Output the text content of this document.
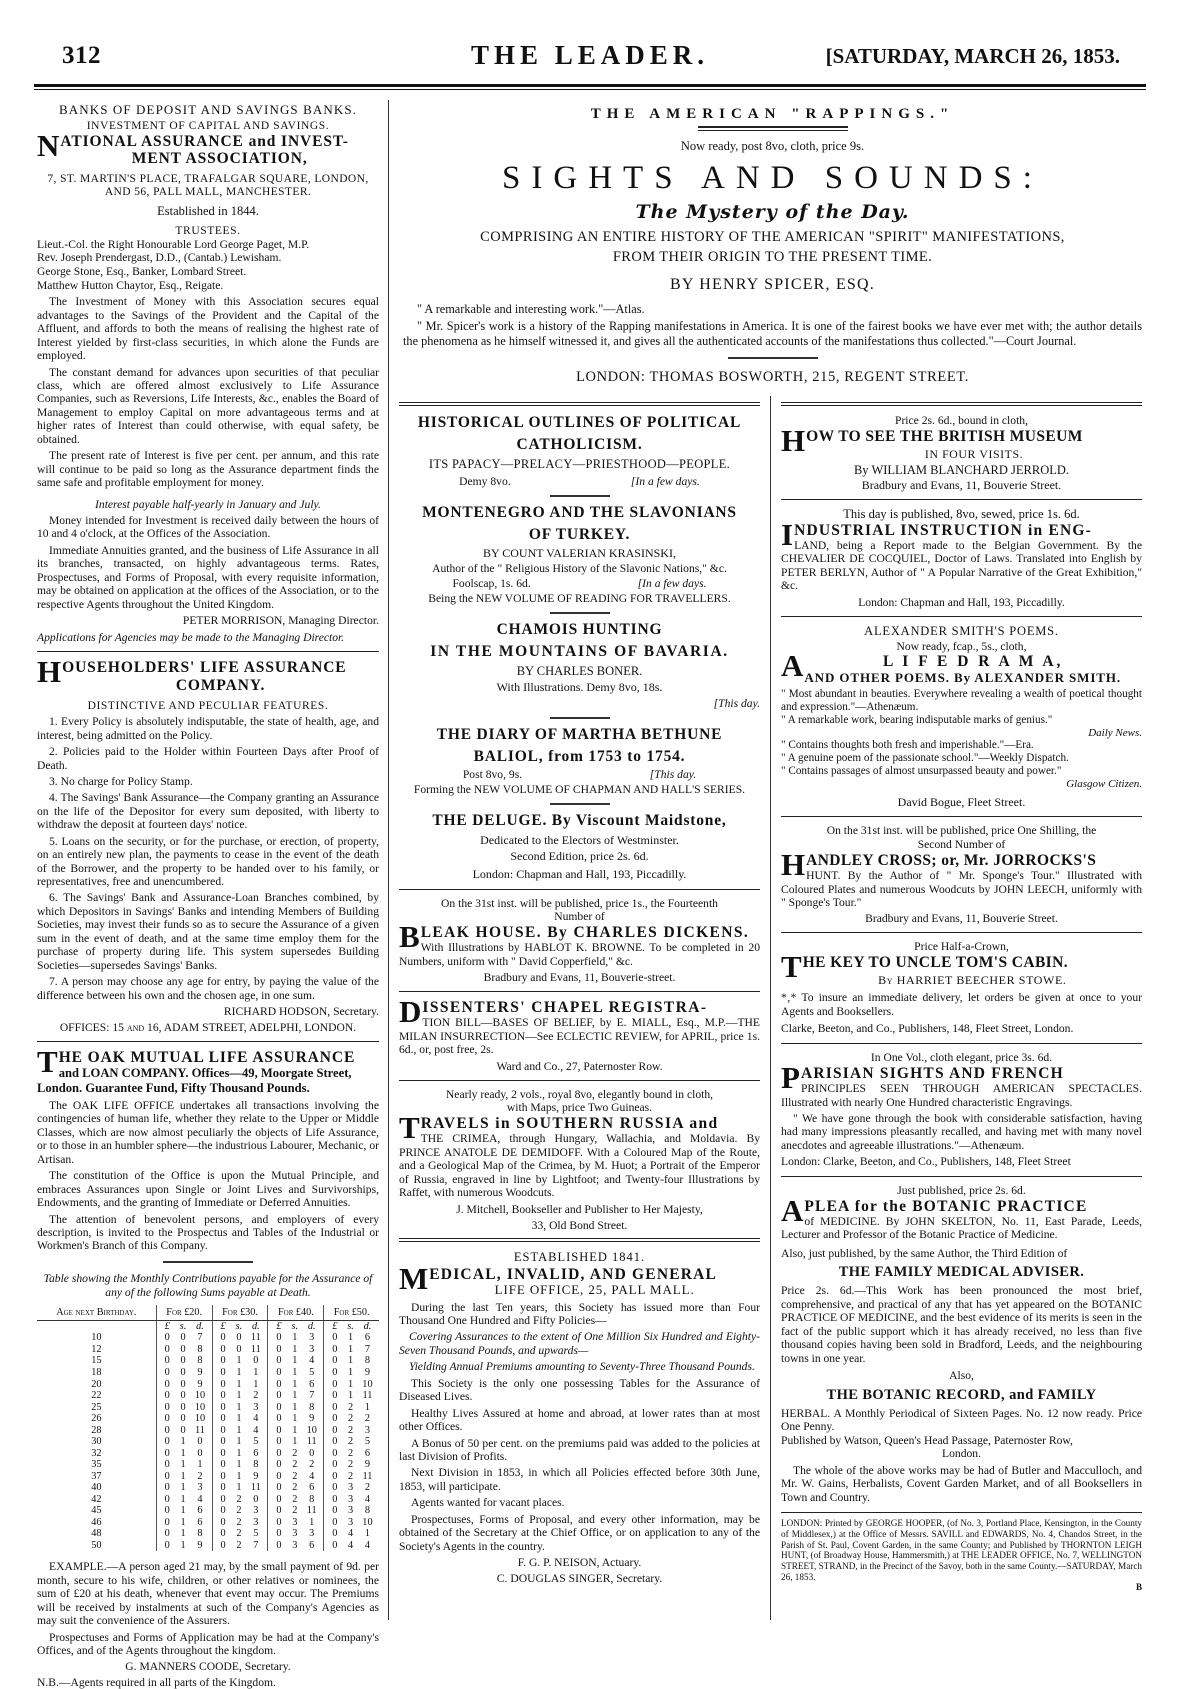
312	THE LEADER.	[SATURDAY, MARCH 26, 1853.
BANKS OF DEPOSIT AND SAVINGS BANKS.
INVESTMENT OF CAPITAL AND SAVINGS.
N ATIONAL ASSURANCE and INVEST-
MENT ASSOCIATION,
7, ST. MARTIN'S PLACE, TRAFALGAR SQUARE, LONDON,
AND 56, PALL MALL, MANCHESTER.
Established in 1844.
TRUSTEES.

Lieut.-Col. the Right Honourable Lord George Paget, M.P.

Rev. Joseph Prendergast, D.D., (Cantab.) Lewisham.

George Stone, Esq., Banker, Lombard Street.

Matthew Hutton Chaytor, Esq., Reigate.

The Investment of Money with this Association secures equal advantages to the Savings of the Provident and the Capital of the Affluent, and affords to both the means of realising the highest rate of Interest yielded by first-class securities, in which alone the Funds are employed.

The constant demand for advances upon securities of that peculiar class, which are offered almost exclusively to Life Assurance Companies, such as Reversions, Life Interests, &c., enables the Board of Management to employ Capital on more advantageous terms and at higher rates of Interest than could otherwise, with equal safety, be obtained.

The present rate of Interest is five per cent. per annum, and this rate will continue to be paid so long as the Assurance department finds the same safe and profitable employment for money.

Interest payable half-yearly in January and July.

Money intended for Investment is received daily between the hours of 10 and 4 o'clock, at the Offices of the Association.

Immediate Annuities granted, and the business of Life Assurance in all its branches, transacted, on highly advantageous terms. Rates, Prospectuses, and Forms of Proposal, with every requisite information, may be obtained on application at the offices of the Association, or to the respective Agents throughout the United Kingdom.

PETER MORRISON, Managing Director.

Applications for Agencies may be made to the Managing Director.

H OUSEHOLDERS' LIFE ASSURANCE
COMPANY.
DISTINCTIVE AND PECULIAR FEATURES.

1. Every Policy is absolutely indisputable, the state of health, age, and interest, being admitted on the Policy.

2. Policies paid to the Holder within Fourteen Days after Proof of Death.

3. No charge for Policy Stamp.

4. The Savings' Bank Assurance—the Company granting an Assurance on the life of the Depositor for every sum deposited, with liberty to withdraw the deposit at fourteen days' notice.

5. Loans on the security, or for the purchase, or erection, of property, on an entirely new plan, the payments to cease in the event of the death of the Borrower, and the property to be handed over to his family, or representatives, free and unencumbered.

6. The Savings' Bank and Assurance-Loan Branches combined, by which Depositors in Savings' Banks and intending Members of Building Societies, may invest their funds so as to secure the Assurance of a given sum in the event of death, and at the same time employ them for the purchase of property during life. This system supersedes Building Societies—supersedes Savings' Banks.

7. A person may choose any age for entry, by paying the value of the difference between his own and the chosen age, in one sum.

RICHARD HODSON, Secretary.
OFFICES: 15 and 16, ADAM STREET, ADELPHI, LONDON.
T HE OAK MUTUAL LIFE ASSURANCE
and LOAN COMPANY. Offices—49, Moorgate Street,
London. Guarantee Fund, Fifty Thousand Pounds.

The OAK LIFE OFFICE undertakes all transactions involving the contingencies of human life, whether they relate to the Upper or Middle Classes, which are now almost peculiarly the objects of Life Assurance, or to those in an humbler sphere—the industrious Labourer, Mechanic, or Artisan.

The constitution of the Office is upon the Mutual Principle, and embraces Assurances upon Single or Joint Lives and Survivorships, Endowments, and the granting of Immediate or Deferred Annuities.

The attention of benevolent persons, and employers of every description, is invited to the Prospectus and Tables of the Industrial or Workmen's Branch of this Company.

Table showing the Monthly Contributions payable for the Assurance of any of the following Sums payable at Death.
Age next Birthday.	For £20.	For £30.	For £40.	For £50.
	£ s. d.	£ s. d.	£ s. d.	£ s. d.
10	0 0 7	0 0 11	0 1 3	0 1 6
12	0 0 8	0 0 11	0 1 3	0 1 7
15	0 0 8	0 1 0	0 1 4	0 1 8
18	0 0 9	0 1 1	0 1 5	0 1 9
20	0 0 9	0 1 1	0 1 6	0 1 10
22	0 0 10	0 1 2	0 1 7	0 1 11
25	0 0 10	0 1 3	0 1 8	0 2 1
26	0 0 10	0 1 4	0 1 9	0 2 2
28	0 0 11	0 1 4	0 1 10	0 2 3
30	0 1 0	0 1 5	0 1 11	0 2 5
32	0 1 0	0 1 6	0 2 0	0 2 6
35	0 1 1	0 1 8	0 2 2	0 2 9
37	0 1 2	0 1 9	0 2 4	0 2 11
40	0 1 3	0 1 11	0 2 6	0 3 2
42	0 1 4	0 2 0	0 2 8	0 3 4
45	0 1 6	0 2 3	0 2 11	0 3 8
46	0 1 6	0 2 3	0 3 1	0 3 10
48	0 1 8	0 2 5	0 3 3	0 4 1
50	0 1 9	0 2 7	0 3 6	0 4 4

EXAMPLE.—A person aged 21 may, by the small payment of 9d. per month, secure to his wife, children, or other relatives or nominees, the sum of £20 at his death, whenever that event may occur. The Premiums will be received by instalments at such of the Company's Agencies as may suit the convenience of the Assurers.

Prospectuses and Forms of Application may be had at the Company's Offices, and of the Agents throughout the kingdom.

G. MANNERS COODE, Secretary.
N.B.—Agents required in all parts of the Kingdom.
THE AMERICAN "RAPPINGS."
Now ready, post 8vo, cloth, price 9s.
SIGHTS AND SOUNDS:
The Mystery of the Day.
COMPRISING AN ENTIRE HISTORY OF THE AMERICAN "SPIRIT" MANIFESTATIONS,
FROM THEIR ORIGIN TO THE PRESENT TIME.
BY HENRY SPICER, ESQ.
" A remarkable and interesting work."—Atlas.
" Mr. Spicer's work is a history of the Rapping manifestations in America. It is one of the fairest books we have ever met with; the author details the phenomena as he himself witnessed it, and gives all the authenticated accounts of the manifestations thus collected."—Court Journal.
LONDON: THOMAS BOSWORTH, 215, REGENT STREET.
HISTORICAL OUTLINES OF POLITICAL
CATHOLICISM.
ITS PAPACY—PRELACY—PRIESTHOOD—PEOPLE.
Demy 8vo.	[In a few days.
MONTENEGRO AND THE SLAVONIANS
OF TURKEY.
BY COUNT VALERIAN KRASINSKI,
Author of the " Religious History of the Slavonic Nations," &c.
Foolscap, 1s. 6d.	[In a few days.
Being the NEW VOLUME OF READING FOR TRAVELLERS.
CHAMOIS HUNTING
IN THE MOUNTAINS OF BAVARIA.
BY CHARLES BONER.
With Illustrations. Demy 8vo, 18s.
[This day.
THE DIARY OF MARTHA BETHUNE
BALIOL, from 1753 to 1754.
Post 8vo, 9s.	[This day.
Forming the NEW VOLUME OF CHAPMAN AND HALL'S SERIES.
THE DELUGE. By Viscount Maidstone,
Dedicated to the Electors of Westminster.
Second Edition, price 2s. 6d.
London: Chapman and Hall, 193, Piccadilly.
On the 31st inst. will be published, price 1s., the Fourteenth
Number of
B LEAK HOUSE. By CHARLES DICKENS.
With Illustrations by HABLOT K. BROWNE. To be completed in 20 Numbers, uniform with " David Copperfield," &c.
Bradbury and Evans, 11, Bouverie-street.
D ISSENTERS' CHAPEL REGISTRA-
TION BILL—BASES OF BELIEF, by E. MIALL, Esq., M.P.—THE MILAN INSURRECTION—See ECLECTIC REVIEW, for APRIL, price 1s. 6d., or, post free, 2s.
Ward and Co., 27, Paternoster Row.
Nearly ready, 2 vols., royal 8vo, elegantly bound in cloth,
with Maps, price Two Guineas.
T RAVELS in SOUTHERN RUSSIA and
THE CRIMEA, through Hungary, Wallachia, and Moldavia. By PRINCE ANATOLE DE DEMIDOFF. With a Coloured Map of the Route, and a Geological Map of the Crimea, by M. Huot; a Portrait of the Emperor of Russia, engraved in line by Lightfoot; and Twenty-four Illustrations by Raffet, with numerous Woodcuts.
J. Mitchell, Bookseller and Publisher to Her Majesty,
33, Old Bond Street.
ESTABLISHED 1841.
M EDICAL, INVALID, AND GENERAL
LIFE OFFICE, 25, PALL MALL.

During the last Ten years, this Society has issued more than Four Thousand One Hundred and Fifty Policies—

Covering Assurances to the extent of One Million Six Hundred and Eighty-Seven Thousand Pounds, and upwards—

Yielding Annual Premiums amounting to Seventy-Three Thousand Pounds.

This Society is the only one possessing Tables for the Assurance of Diseased Lives.

Healthy Lives Assured at home and abroad, at lower rates than at most other Offices.

A Bonus of 50 per cent. on the premiums paid was added to the policies at last Division of Profits.

Next Division in 1853, in which all Policies effected before 30th June, 1853, will participate.

Agents wanted for vacant places.

Prospectuses, Forms of Proposal, and every other information, may be obtained of the Secretary at the Chief Office, or on application to any of the Society's Agents in the country.

F. G. P. NEISON, Actuary.
C. DOUGLAS SINGER, Secretary.
Price 2s. 6d., bound in cloth,
H OW TO SEE THE BRITISH MUSEUM
IN FOUR VISITS.
By WILLIAM BLANCHARD JERROLD.
Bradbury and Evans, 11, Bouverie Street.
This day is published, 8vo, sewed, price 1s. 6d.
I NDUSTRIAL INSTRUCTION in ENG-
LAND, being a Report made to the Belgian Government. By the CHEVALIER DE COCQUIEL, Doctor of Laws. Translated into English by PETER BERLYN, Author of " A Popular Narrative of the Great Exhibition," &c.
London: Chapman and Hall, 193, Piccadilly.
ALEXANDER SMITH'S POEMS.
Now ready, fcap., 5s., cloth,
A	L I F E D R A M A,
AND OTHER POEMS. By ALEXANDER SMITH.

" Most abundant in beauties. Everywhere revealing a wealth of poetical thought and expression."—Athenæum.

" A remarkable work, bearing indisputable marks of genius."

Daily News.

" Contains thoughts both fresh and imperishable."—Era.

" A genuine poem of the passionate school."—Weekly Dispatch.

" Contains passages of almost unsurpassed beauty and power."

Glasgow Citizen.
David Bogue, Fleet Street.
On the 31st inst. will be published, price One Shilling, the
Second Number of
H ANDLEY CROSS; or, Mr. JORROCKS'S
HUNT. By the Author of " Mr. Sponge's Tour." Illustrated with Coloured Plates and numerous Woodcuts by JOHN LEECH, uniformly with " Sponge's Tour."
Bradbury and Evans, 11, Bouverie Street.
Price Half-a-Crown,
T HE KEY TO UNCLE TOM'S CABIN.
By HARRIET BEECHER STOWE.

*‚* To insure an immediate delivery, let orders be given at once to your Agents and Booksellers.

Clarke, Beeton, and Co., Publishers, 148, Fleet Street, London.
In One Vol., cloth elegant, price 3s. 6d.
P ARISIAN SIGHTS AND FRENCH
PRINCIPLES SEEN THROUGH AMERICAN SPECTACLES. Illustrated with nearly One Hundred characteristic Engravings.

" We have gone through the book with considerable satisfaction, having had many impressions pleasantly recalled, and having met with many novel anecdotes and agreeable illustrations."—Athenæum.

London: Clarke, Beeton, and Co., Publishers, 148, Fleet Street
Just published, price 2s. 6d.
A PLEA for the BOTANIC PRACTICE
of MEDICINE. By JOHN SKELTON, No. 11, East Parade, Leeds, Lecturer and Professor of the Botanic Practice of Medicine.

Also, just published, by the same Author, the Third Edition of

THE FAMILY MEDICAL ADVISER.

Price 2s. 6d.—This Work has been pronounced the most brief, comprehensive, and practical of any that has yet appeared on the BOTANIC PRACTICE OF MEDICINE, and the best evidence of its merits is seen in the fact of the public support which it has already received, no less than five thousand copies having been sold in Bradford, Leeds, and the neighbouring towns in one year.

Also,
THE BOTANIC RECORD, and FAMILY

HERBAL. A Monthly Periodical of Sixteen Pages. No. 12 now ready. Price One Penny.

Published by Watson, Queen's Head Passage, Paternoster Row,
London.

The whole of the above works may be had of Butler and Macculloch, and Mr. W. Gains, Herbalists, Covent Garden Market, and of all Booksellers in Town and Country.

LONDON: Printed by GEORGE HOOPER, (of No. 3, Portland Place, Kensington, in the County of Middlesex,) at the Office of Messrs. SAVILL and EDWARDS, No. 4, Chandos Street, in the Parish of St. Paul, Covent Garden, in the same County; and Published by THORNTON LEIGH HUNT, (of Broadway House, Hammersmith,) at THE LEADER OFFICE, No. 7, WELLINGTON STREET, STRAND, in the Precinct of the Savoy, both in the same County.—SATURDAY, March 26, 1853.
B
